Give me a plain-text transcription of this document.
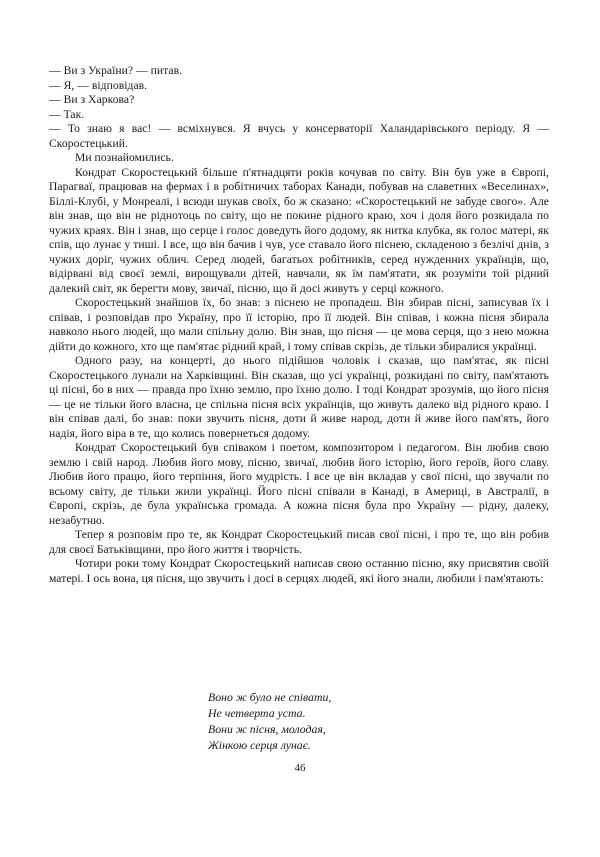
— Ви з України? — питав.

— Я, — відповідав.

— Ви з Харкова?

— Так.

— То знаю я вас! — всміхнувся. Я вчусь у консерваторії Халандарівського періоду. Я — Скоростецький.

Ми познайомились.

Кондрат Скоростецький більше п'ятнадцяти років кочував по світу. Він був уже в Європі, Парагваї, працював на фермах і в робітничих таборах Канади, побував на славетних «Веселинах», Біллі-Клубі, у Монреалі, і всюди шукав своїх, бо ж сказано: «Скоростецький не забуде свого». Але він знав, що він не ріднотоць по світу, що не покине рідного краю, хоч і доля його розкидала по чужих краях. Він і знав, що серце і голос доведуть його додому, як нитка клубка, як голос матері, як спів, що лунає у тиші. І все, що він бачив і чув, усе ставало його піснею, складеною з безлічі днів, з чужих доріг, чужих облич. Серед людей, багатьох робітників, серед нужденних українців, що, відірвані від своєї землі, вирощували дітей, навчали, як їм пам'ятати, як розуміти той рідний далекий світ, як берегти мову, звичаї, пісню, що й досі живуть у серці кожного.

Скоростецький знайшов їх, бо знав: з піснею не пропадеш. Він збирав пісні, записував їх і співав, і розповідав про Україну, про її історію, про її людей. Він співав, і кожна пісня збирала навколо нього людей, що мали спільну долю. Він знав, що пісня — це мова серця, що з нею можна дійти до кожного, хто ще пам'ятає рідний край, і тому співав скрізь, де тільки збиралися українці.

Одного разу, на концерті, до нього підійшов чоловік і сказав, що пам'ятає, як пісні Скоростецького лунали на Харківщині. Він сказав, що усі українці, розкидані по світу, пам'ятають ці пісні, бо в них — правда про їхню землю, про їхню долю. І тоді Кондрат зрозумів, що його пісня — це не тільки його власна, це спільна пісня всіх українців, що живуть далеко від рідного краю. І він співав далі, бо знав: поки звучить пісня, доти й живе народ, доти й живе його пам'ять, його надія, його віра в те, що колись повернеться додому.

Кондрат Скоростецький був співаком і поетом, композитором і педагогом. Він любив свою землю і свій народ. Любив його мову, пісню, звичаї, любив його історію, його героїв, його славу. Любив його працю, його терпіння, його мудрість. І все це він вкладав у свої пісні, що звучали по всьому світу, де тільки жили українці. Його пісні співали в Канаді, в Америці, в Австралії, в Європі, скрізь, де була українська громада. А кожна пісня була про Україну — рідну, далеку, незабутню.

Тепер я розповім про те, як Кондрат Скоростецький писав свої пісні, і про те, що він робив для своєї Батьківщини, про його життя і творчість.

Чотири роки тому Кондрат Скоростецький написав свою останню пісню, яку присвятив своїй матері. І ось вона, ця пісня, що звучить і досі в серцях людей, які його знали, любили і пам'ятають:

Воно ж було не співати,
Не четверта уста.
Вони ж пісня, молодая,
Жінкою серця лунає.
46
